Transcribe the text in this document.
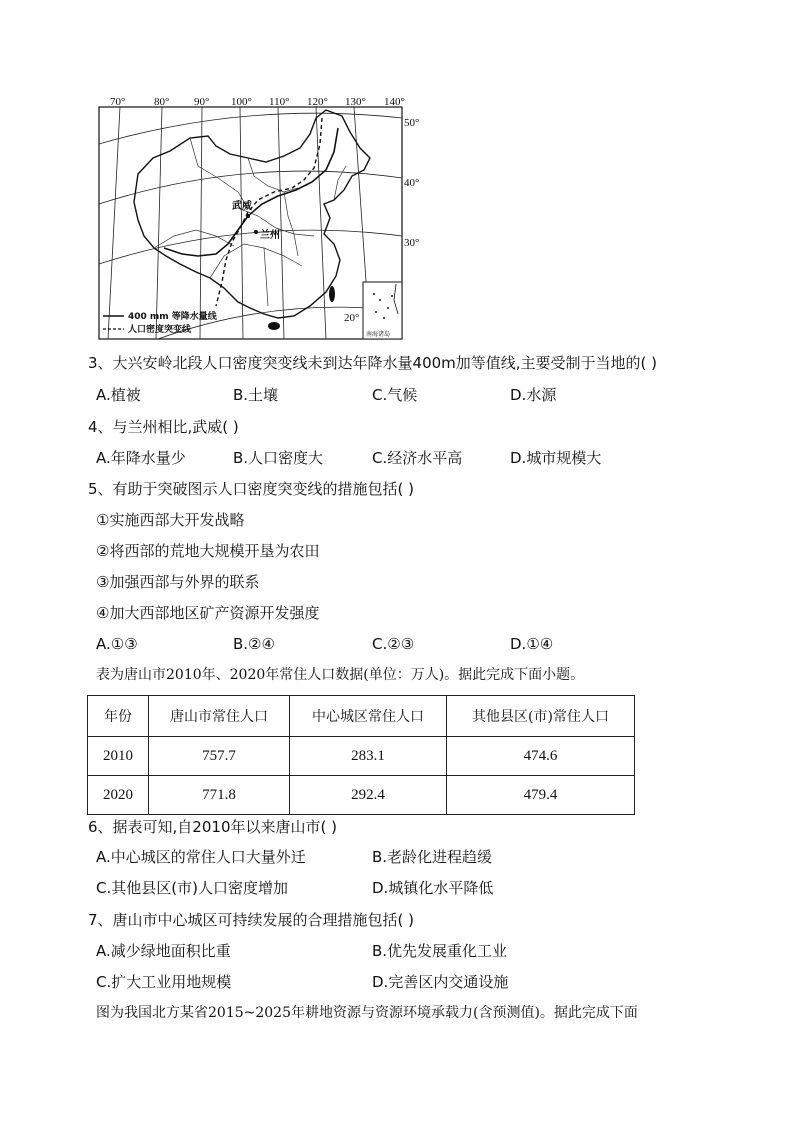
70°	80° 90° 100° 110° 120° 130° 140°
50°
40°
30°
20°
武威
兰州
400 mm 等降水量线
人口密度突变线	南海诸岛
3、大兴安岭北段人口密度突变线未到达年降水量400m加等值线,主要受制于当地的( )
A.植被	B.土壤	C.气候	D.水源
4、与兰州相比,武威( )
A.年降水量少	B.人口密度大	C.经济水平高	D.城市规模大
5、有助于突破图示人口密度突变线的措施包括( )
①实施西部大开发战略
②将西部的荒地大规模开垦为农田
③加强西部与外界的联系
④加大西部地区矿产资源开发强度
A.①③	B.②④	C.②③	D.①④
表为唐山市2010年、2020年常住人口数据(单位：万人)。据此完成下面小题。
年份	唐山市常住人口	中心城区常住人口	其他县区(市)常住人口
2010	757.7	283.1	474.6
2020	771.8	292.4	479.4
6、据表可知,自2010年以来唐山市( )
A.中心城区的常住人口大量外迁	B.老龄化进程趋缓
C.其他县区(市)人口密度增加	D.城镇化水平降低
7、唐山市中心城区可持续发展的合理措施包括( )
A.减少绿地面积比重	B.优先发展重化工业
C.扩大工业用地规模	D.完善区内交通设施
图为我国北方某省2015~2025年耕地资源与资源环境承载力(含预测值)。据此完成下面
